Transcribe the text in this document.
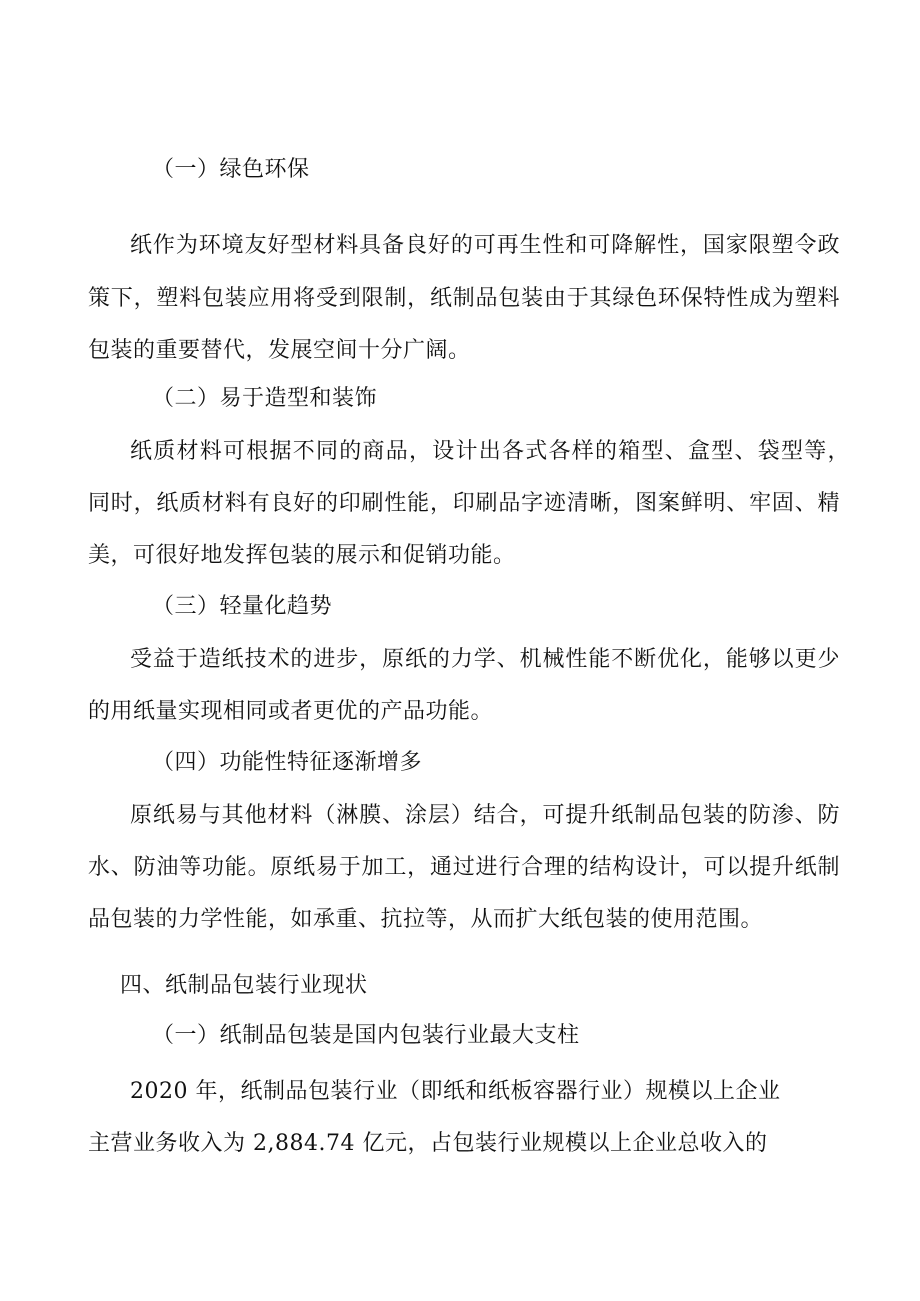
（一）绿色环保
纸作为环境友好型材料具备良好的可再生性和可降解性，国家限塑令政
策下，塑料包装应用将受到限制，纸制品包装由于其绿色环保特性成为塑料
包装的重要替代，发展空间十分广阔。
（二）易于造型和装饰
纸质材料可根据不同的商品，设计出各式各样的箱型、盒型、袋型等，
同时，纸质材料有良好的印刷性能，印刷品字迹清晰，图案鲜明、牢固、精
美，可很好地发挥包装的展示和促销功能。
（三）轻量化趋势
受益于造纸技术的进步，原纸的力学、机械性能不断优化，能够以更少
的用纸量实现相同或者更优的产品功能。
（四）功能性特征逐渐增多
原纸易与其他材料（淋膜、涂层）结合，可提升纸制品包装的防渗、防
水、防油等功能。原纸易于加工，通过进行合理的结构设计，可以提升纸制
品包装的力学性能，如承重、抗拉等，从而扩大纸包装的使用范围。
四、纸制品包装行业现状
（一）纸制品包装是国内包装行业最大支柱
2020 年，纸制品包装行业（即纸和纸板容器行业）规模以上企业
主营业务收入为 2,884.74 亿元，占包装行业规模以上企业总收入的
